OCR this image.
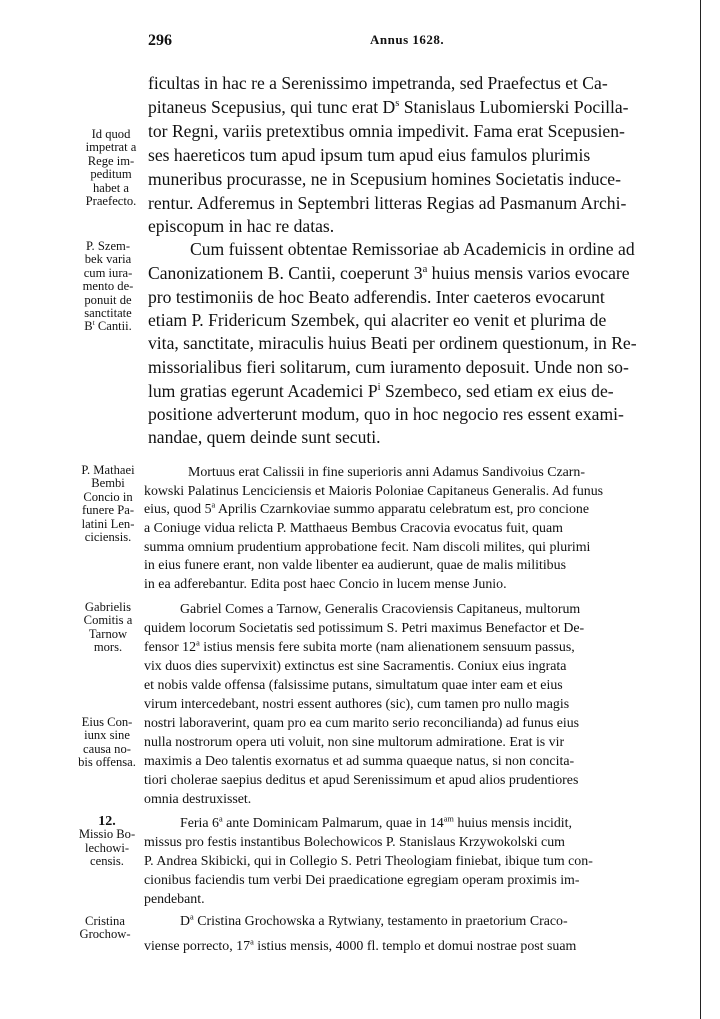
296	Annus 1628.
ficultas in hac re a Serenissimo impetranda, sed Praefectus et Ca-
pitaneus Scepusius, qui tunc erat $D^s$ Stanislaus Lubomierski Pocilla-
tor Regni, variis pretextibus omnia impedivit. Fama erat Scepusien-
ses haereticos tum apud ipsum tum apud eius famulos plurimis
muneribus procurasse, ne in Scepusium homines Societatis induce-
rentur. Adferemus in Septembri litteras Regias ad Pasmanum Archi-
episcopum in hac re datas.
Cum fuissent obtentae Remissoriae ab Academicis in ordine ad
Canonizationem B. Cantii, coeperunt 3$^a$ huius mensis varios evocare
pro testimoniis de hoc Beato adferendis. Inter caeteros evocarunt
etiam P. Fridericum Szembek, qui alacriter eo venit et plurima de
vita, sanctitate, miraculis huius Beati per ordinem questionum, in Re-
missorialibus fieri solitarum, cum iuramento deposuit. Unde non so-
lum gratias egerunt Academici $P^i$ Szembeco, sed etiam ex eius de-
positione adverterunt modum, quo in hoc negocio res essent exami-
nandae, quem deinde sunt secuti.
Mortuus erat Calissii in fine superioris anni Adamus Sandivoius Czarn-
kowski Palatinus Lenciciensis et Maioris Poloniae Capitaneus Generalis. Ad funus
eius, quod 5$^a$ Aprilis Czarnkoviae summo apparatu celebratum est, pro concione
a Coniuge vidua relicta P. Matthaeus Bembus Cracovia evocatus fuit, quam
summa omnium prudentium approbatione fecit. Nam discoli milites, qui plurimi
in eius funere erant, non valde libenter ea audierunt, quae de malis militibus
in ea adferebantur. Edita post haec Concio in lucem mense Junio.
Gabriel Comes a Tarnow, Generalis Cracoviensis Capitaneus, multorum
quidem locorum Societatis sed potissimum S. Petri maximus Benefactor et De-
fensor 12$^a$ istius mensis fere subita morte (nam alienationem sensuum passus,
vix duos dies supervixit) extinctus est sine Sacramentis. Coniux eius ingrata
et nobis valde offensa (falsissime putans, simultatum quae inter eam et eius
virum intercedebant, nostri essent authores (sic), cum tamen pro nullo magis
nostri laboraverint, quam pro ea cum marito serio reconcilianda) ad funus eius
nulla nostrorum opera uti voluit, non sine multorum admiratione. Erat is vir
maximis a Deo talentis exornatus et ad summa quaeque natus, si non concita-
tiori cholerae saepius deditus et apud Serenissimum et apud alios prudentiores
omnia destruxisset.
Feria 6$^a$ ante Dominicam Palmarum, quae in $14^{am}$ huius mensis incidit,
missus pro festis instantibus Bolechowicos P. Stanislaus Krzywokolski cum
P. Andrea Skibicki, qui in Collegio S. Petri Theologiam finiebat, ibique tum con-
cionibus faciendis tum verbi Dei praedicatione egregiam operam proximis im-
pendebant.
$D^a$ Cristina Grochowska a Rytwiany, testamento in praetorium Craco-
viense porrecto, 17$^a$ istius mensis, 4000 fl. templo et domui nostrae post suam
Id quod
impetrat a
Rege im-
peditum
habet a
Praefecto.
P. Szem-
bek varia
cum iura-
mento de-
ponuit de
sanctitate
$B^t$ Cantii.
P. Mathaei
Bembi
Concio in
funere Pa-
latini Len-
ciciensis.
Gabrielis
Comitis a
Tarnow
mors.
Eius Con-
iunx sine
causa no-
bis offensa.
12.
Missio Bo-
lechowi-
censis.
Cristina
Grochow-
